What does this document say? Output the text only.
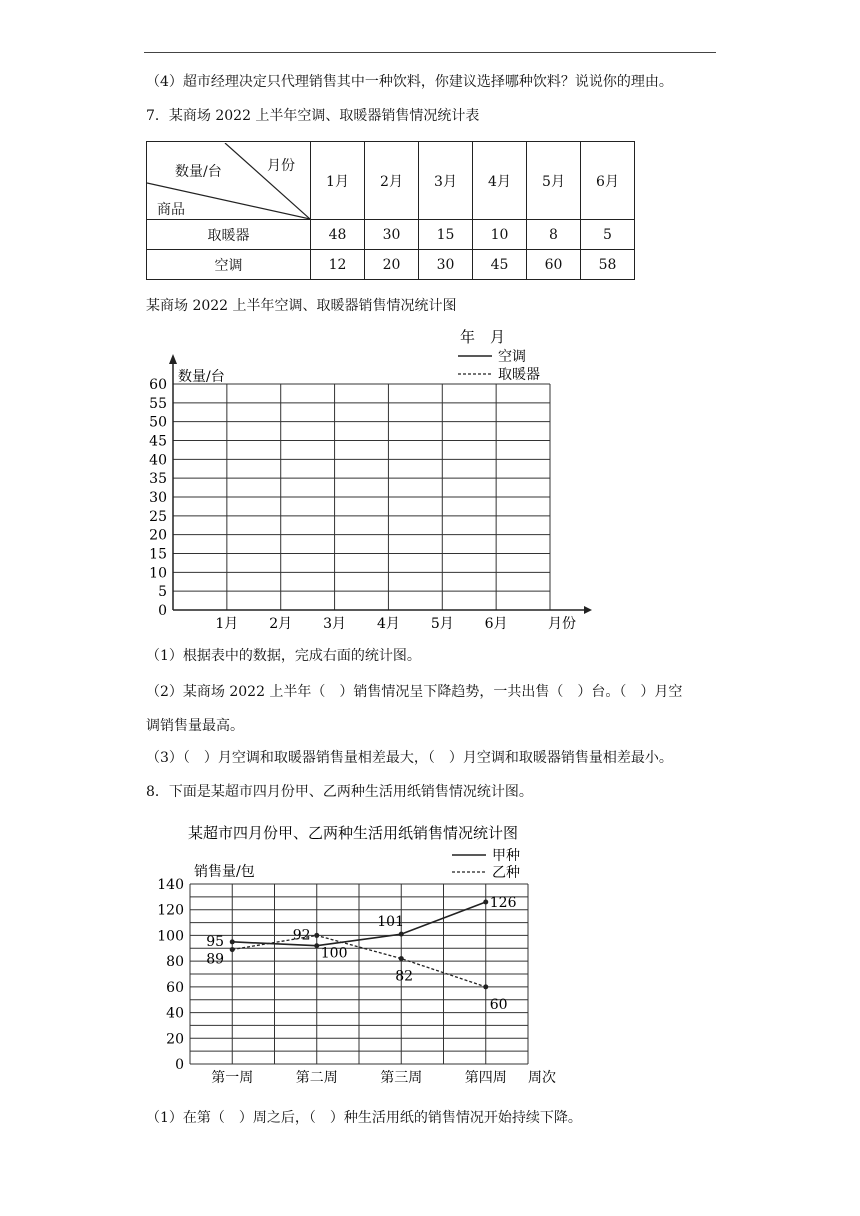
（4）超市经理决定只代理销售其中一种饮料，你建议选择哪种饮料？说说你的理由。
7．某商场 2022 上半年空调、取暖器销售情况统计表
月份
数量/台
商品	1月	2月	3月	4月	5月	6月
取暖器	48	30	15	10	8	5
空调	12	20	30	45	60	58
某商场 2022 上半年空调、取暖器销售情况统计图
0
5
10
15
20
25
30
35
40
45
50
55
60
1月 2月 3月 4月 5月 6月
年　月
空调
取暖器
数量/台
月份
（1）根据表中的数据，完成右面的统计图。
（2）某商场 2022 上半年（　）销售情况呈下降趋势，一共出售（　）台。（　）月空
调销售量最高。
（3）（　）月空调和取暖器销售量相差最大，（　）月空调和取暖器销售量相差最小。
8．下面是某超市四月份甲、乙两种生活用纸销售情况统计图。
某超市四月份甲、乙两种生活用纸销售情况统计图
甲种
乙种
销售量/包
周次
0
20
40
60
80
100
120
140
第一周	第二周	第三周	第四周
95	92
101
126
89	100
82
60
（1）在第（　）周之后，（　）种生活用纸的销售情况开始持续下降。
